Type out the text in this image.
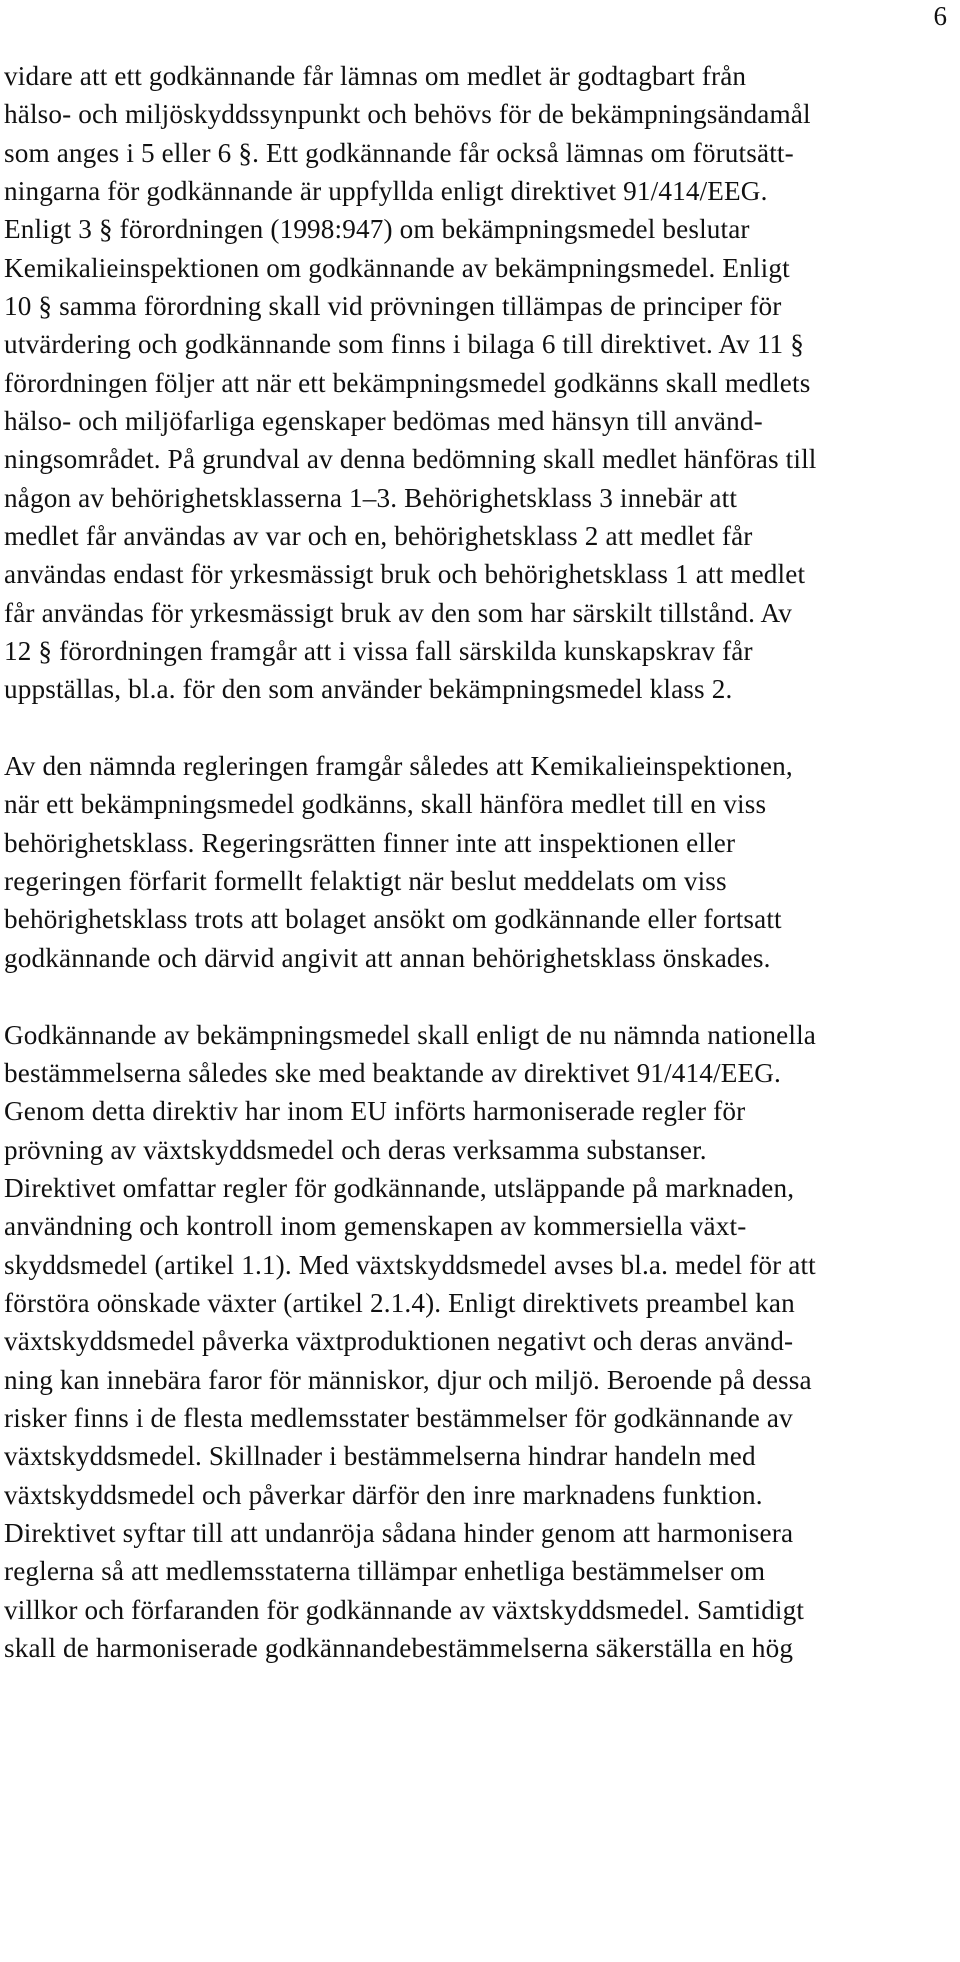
6

vidare att ett godkännande får lämnas om medlet är godtagbart från

hälso- och miljöskyddssynpunkt och behövs för de bekämpningsändamål

som anges i 5 eller 6 §. Ett godkännande får också lämnas om förutsätt-

ningarna för godkännande är uppfyllda enligt direktivet 91/414/EEG.

Enligt 3 § förordningen (1998:947) om bekämpningsmedel beslutar

Kemikalieinspektionen om godkännande av bekämpningsmedel. Enligt

10 § samma förordning skall vid prövningen tillämpas de principer för

utvärdering och godkännande som finns i bilaga 6 till direktivet. Av 11 §

förordningen följer att när ett bekämpningsmedel godkänns skall medlets

hälso- och miljöfarliga egenskaper bedömas med hänsyn till använd-

ningsområdet. På grundval av denna bedömning skall medlet hänföras till

någon av behörighetsklasserna 1–3. Behörighetsklass 3 innebär att

medlet får användas av var och en, behörighetsklass 2 att medlet får

användas endast för yrkesmässigt bruk och behörighetsklass 1 att medlet

får användas för yrkesmässigt bruk av den som har särskilt tillstånd. Av

12 § förordningen framgår att i vissa fall särskilda kunskapskrav får

uppställas, bl.a. för den som använder bekämpningsmedel klass 2.

Av den nämnda regleringen framgår således att Kemikalieinspektionen,

när ett bekämpningsmedel godkänns, skall hänföra medlet till en viss

behörighetsklass. Regeringsrätten finner inte att inspektionen eller

regeringen förfarit formellt felaktigt när beslut meddelats om viss

behörighetsklass trots att bolaget ansökt om godkännande eller fortsatt

godkännande och därvid angivit att annan behörighetsklass önskades.

Godkännande av bekämpningsmedel skall enligt de nu nämnda nationella

bestämmelserna således ske med beaktande av direktivet 91/414/EEG.

Genom detta direktiv har inom EU införts harmoniserade regler för

prövning av växtskyddsmedel och deras verksamma substanser.

Direktivet omfattar regler för godkännande, utsläppande på marknaden,

användning och kontroll inom gemenskapen av kommersiella växt-

skyddsmedel (artikel 1.1). Med växtskyddsmedel avses bl.a. medel för att

förstöra oönskade växter (artikel 2.1.4). Enligt direktivets preambel kan

växtskyddsmedel påverka växtproduktionen negativt och deras använd-

ning kan innebära faror för människor, djur och miljö. Beroende på dessa

risker finns i de flesta medlemsstater bestämmelser för godkännande av

växtskyddsmedel. Skillnader i bestämmelserna hindrar handeln med

växtskyddsmedel och påverkar därför den inre marknadens funktion.

Direktivet syftar till att undanröja sådana hinder genom att harmonisera

reglerna så att medlemsstaterna tillämpar enhetliga bestämmelser om

villkor och förfaranden för godkännande av växtskyddsmedel. Samtidigt

skall de harmoniserade godkännandebestämmelserna säkerställa en hög
